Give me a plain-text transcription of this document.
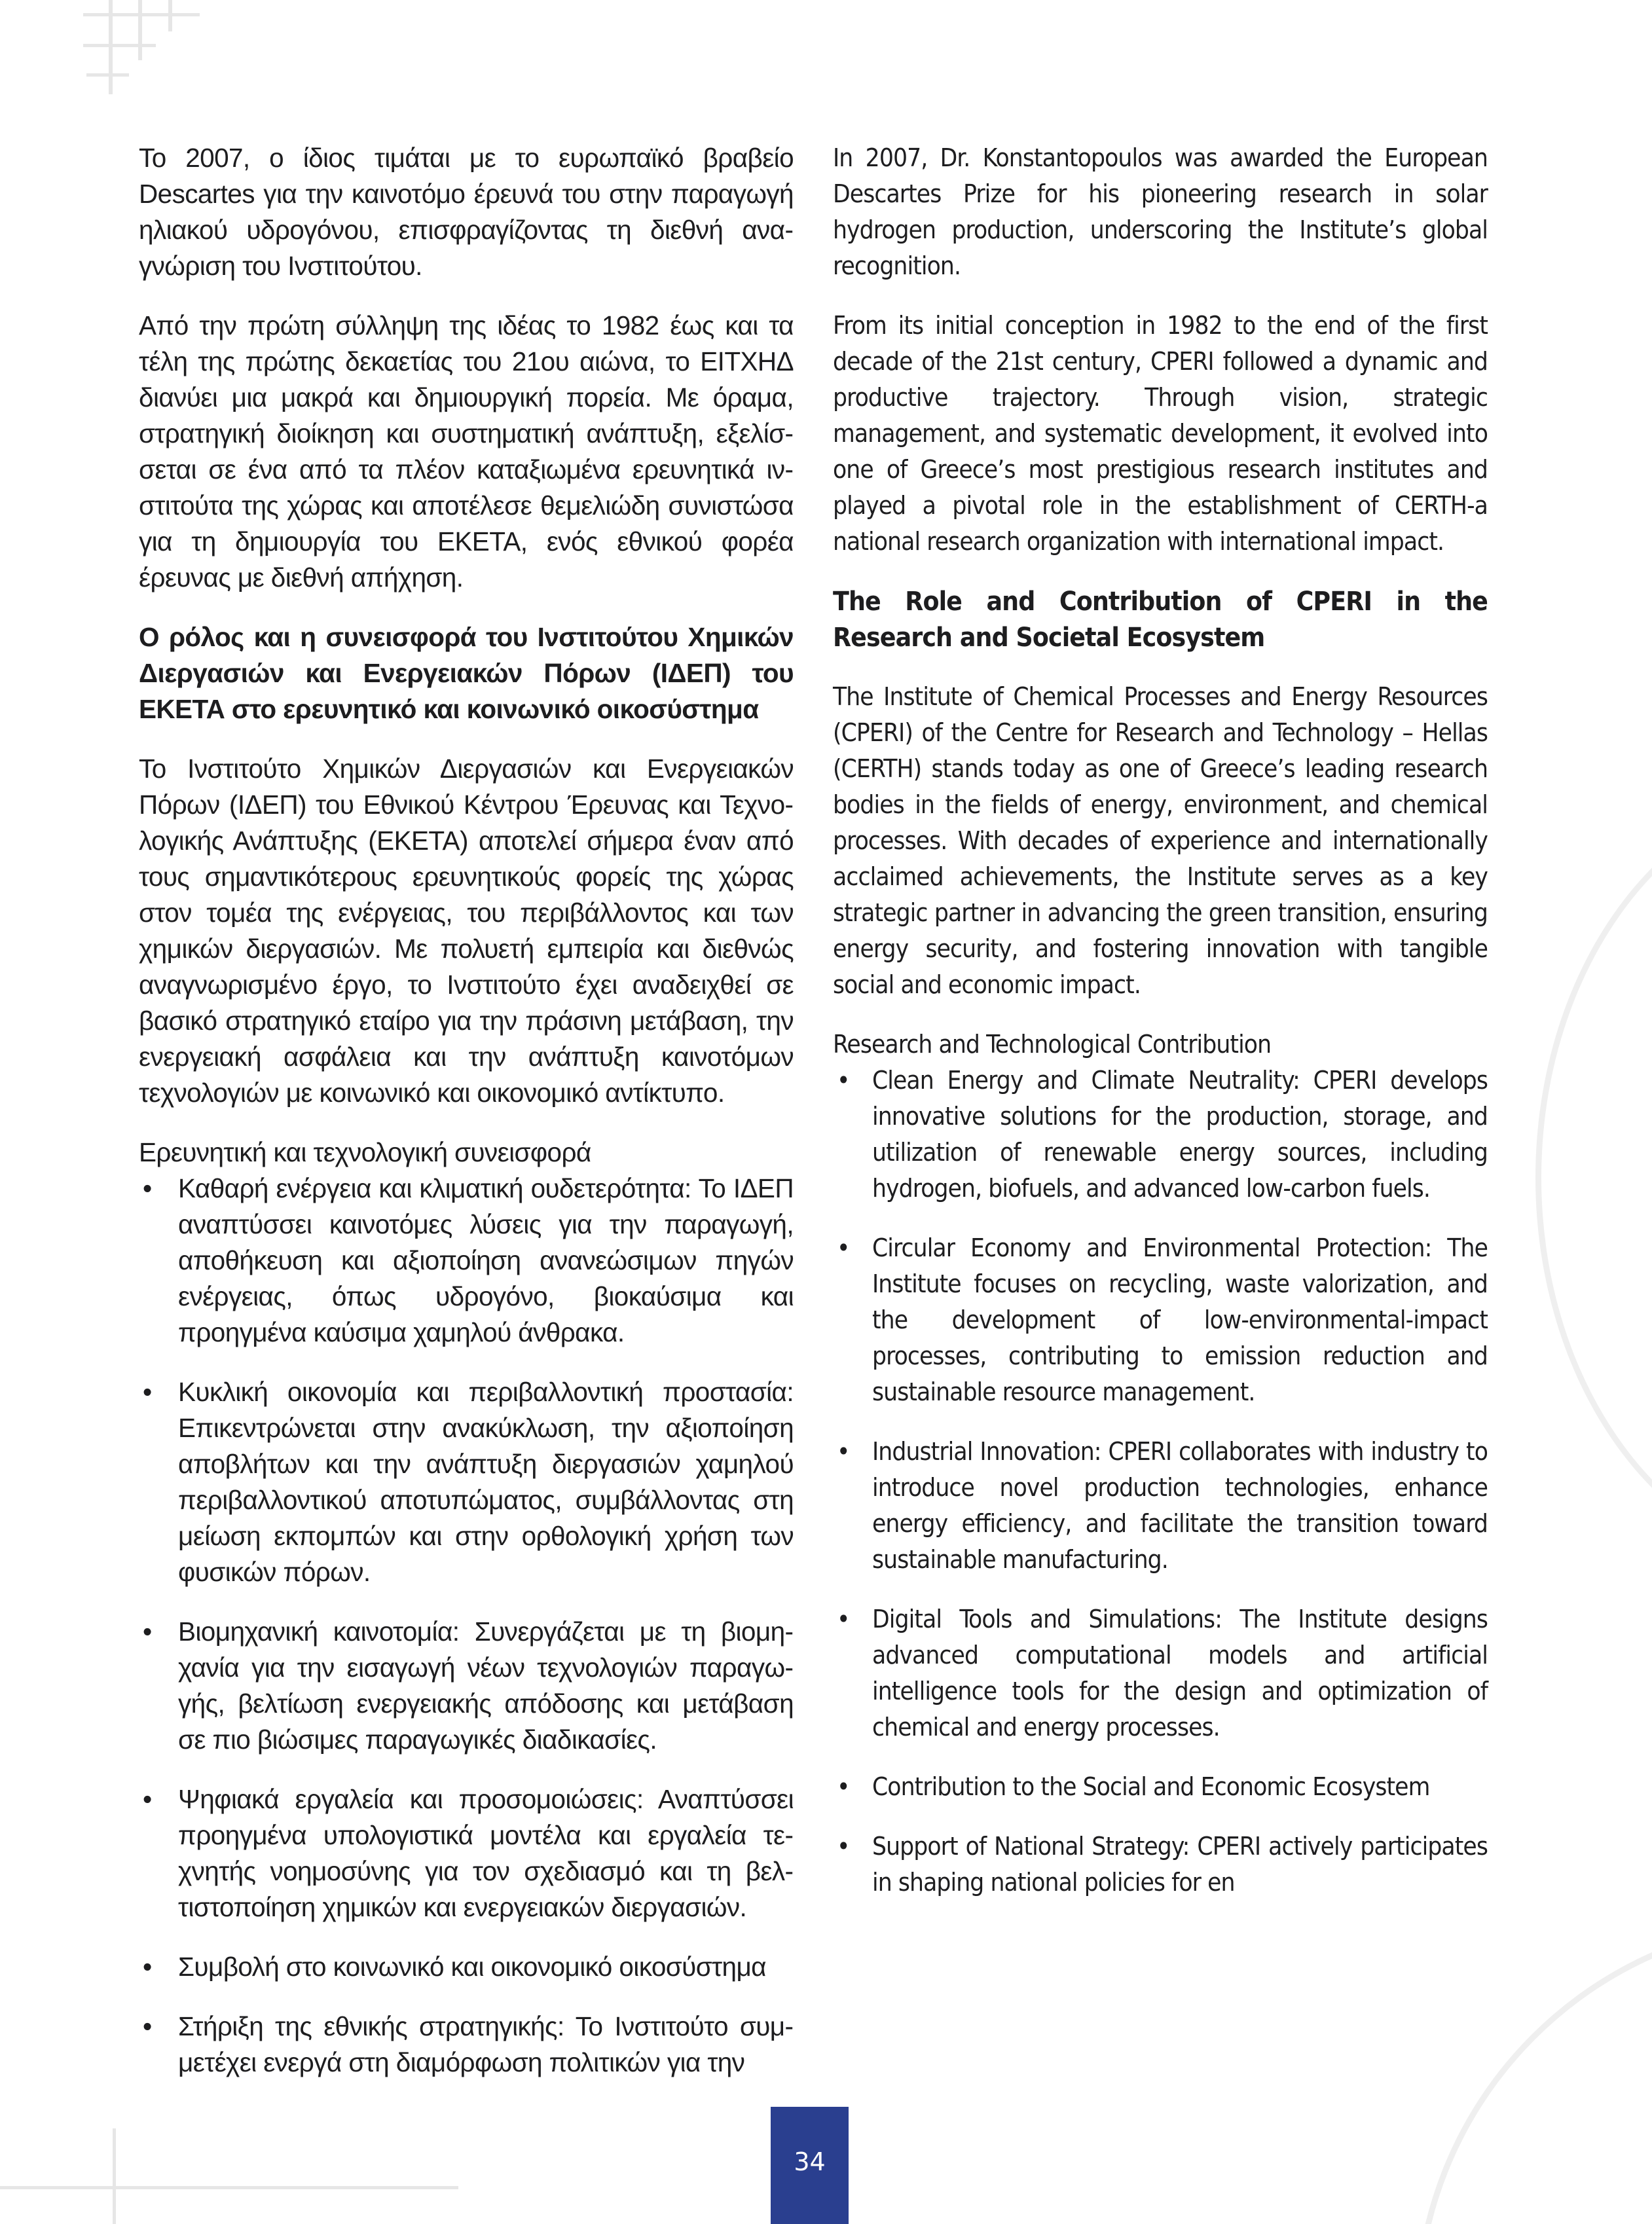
Το 2007, ο ίδιος τιμάται με το ευρωπαϊκό βραβείο Descartes για την καινοτόμο έρευνά του στην παραγωγή ηλιακού υδρογόνου, επισφραγίζοντας τη διεθνή αναγνώριση του Ινστιτούτου.

Από την πρώτη σύλληψη της ιδέας το 1982 έως και τα τέλη της πρώτης δεκαετίας του 21ου αιώνα, το ΕΙΤΧΗΔ διανύει μια μακρά και δημιουργική πορεία. Με όραμα, στρατηγική διοίκηση και συστηματική ανάπτυξη, εξελίσσεται σε ένα από τα πλέον καταξιωμένα ερευνητικά ινστιτούτα της χώρας και αποτέλεσε θεμελιώδη συνιστώσα για τη δημιουργία του ΕΚΕΤΑ, ενός εθνικού φορέα έρευνας με διεθνή απήχηση.

Ο ρόλος και η συνεισφορά του Ινστιτούτου Χημικών Διεργασιών και Ενεργειακών Πόρων (ΙΔΕΠ) του ΕΚΕΤΑ στο ερευνητικό και κοινωνικό οικοσύστημα

Το Ινστιτούτο Χημικών Διεργασιών και Ενεργειακών Πόρων (ΙΔΕΠ) του Εθνικού Κέντρου Έρευνας και Τεχνολογικής Ανάπτυξης (ΕΚΕΤΑ) αποτελεί σήμερα έναν από τους σημαντικότερους ερευνητικούς φορείς της χώρας στον τομέα της ενέργειας, του περιβάλλοντος και των χημικών διεργασιών. Με πολυετή εμπειρία και διεθνώς αναγνωρισμένο έργο, το Ινστιτούτο έχει αναδειχθεί σε βασικό στρατηγικό εταίρο για την πράσινη μετάβαση, την ενεργειακή ασφάλεια και την ανάπτυξη καινοτόμων τεχνολογιών με κοινωνικό και οικονομικό αντίκτυπο.

Ερευνητική και τεχνολογική συνεισφορά

• Καθαρή ενέργεια και κλιματική ουδετερότητα: Το ΙΔΕΠ αναπτύσσει καινοτόμες λύσεις για την παραγωγή, αποθήκευση και αξιοποίηση ανανεώσιμων πηγών ενέργειας, όπως υδρογόνο, βιοκαύσιμα και προηγμένα καύσιμα χαμηλού άνθρακα.
• Κυκλική οικονομία και περιβαλλοντική προστασία: Επικεντρώνεται στην ανακύκλωση, την αξιοποίηση αποβλήτων και την ανάπτυξη διεργασιών χαμηλού περιβαλλοντικού αποτυπώματος, συμβάλλοντας στη μείωση εκπομπών και στην ορθολογική χρήση των φυσικών πόρων.
• Βιομηχανική καινοτομία: Συνεργάζεται με τη βιομηχανία για την εισαγωγή νέων τεχνολογιών παραγωγής, βελτίωση ενεργειακής απόδοσης και μετάβαση σε πιο βιώσιμες παραγωγικές διαδικασίες.
• Ψηφιακά εργαλεία και προσομοιώσεις: Αναπτύσσει προηγμένα υπολογιστικά μοντέλα και εργαλεία τεχνητής νοημοσύνης για τον σχεδιασμό και τη βελτιστοποίηση χημικών και ενεργειακών διεργασιών.
• Συμβολή στο κοινωνικό και οικονομικό οικοσύστημα
• Στήριξη της εθνικής στρατηγικής: Το Ινστιτούτο συμμετέχει ενεργά στη διαμόρφωση πολιτικών για την

In 2007, Dr. Konstantopoulos was awarded the European Descartes Prize for his pioneering research in solar hydrogen production, underscoring the Institute’s global recognition.

From its initial conception in 1982 to the end of the first decade of the 21st century, CPERI followed a dynamic and productive trajectory. Through vision, strategic management, and systematic development, it evolved into one of Greece’s most prestigious research institutes and played a pivotal role in the establishment of CERTH-a national research organization with international impact.

The Role and Contribution of CPERI in the Research and Societal Ecosystem

The Institute of Chemical Processes and Energy Resources (CPERI) of the Centre for Research and Technology – Hellas (CERTH) stands today as one of Greece’s leading research bodies in the fields of energy, environment, and chemical processes. With decades of experience and internationally acclaimed achievements, the Institute serves as a key strategic partner in advancing the green transition, ensuring energy security, and fostering innovation with tangible social and economic impact.

Research and Technological Contribution

• Clean Energy and Climate Neutrality: CPERI develops innovative solutions for the production, storage, and utilization of renewable energy sources, including hydrogen, biofuels, and advanced low-carbon fuels.
• Circular Economy and Environmental Protection: The Institute focuses on recycling, waste valorization, and the development of low-environmental-impact processes, contributing to emission reduction and sustainable resource management.
• Industrial Innovation: CPERI collaborates with industry to introduce novel production technologies, enhance energy efficiency, and facilitate the transition toward sustainable manufacturing.
• Digital Tools and Simulations: The Institute designs advanced computational models and artificial intelligence tools for the design and optimization of chemical and energy processes.
• Contribution to the Social and Economic Ecosystem
• Support of National Strategy: CPERI actively participates in shaping national policies for en
34
